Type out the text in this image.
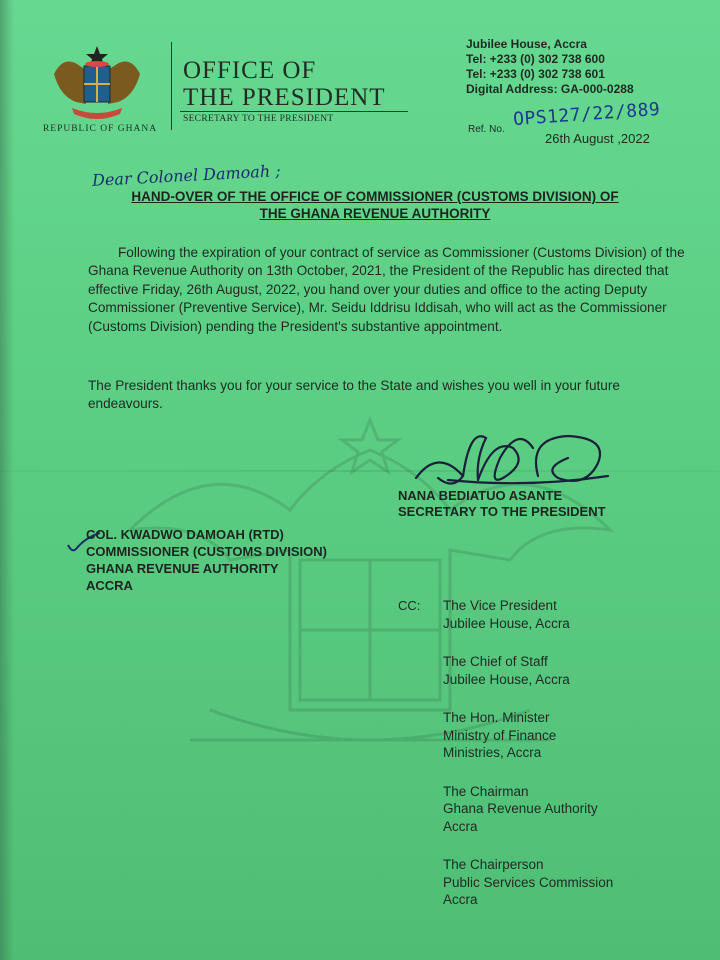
REPUBLIC OF GHANA
OFFICE OF
THE PRESIDENT
SECRETARY TO THE PRESIDENT
Jubilee House, Accra
Tel: +233 (0) 302 738 600
Tel: +233 (0) 302 738 601
Digital Address: GA-000-0288
Ref. No. OPS127/22/889
26th August ,2022
Dear Colonel Damoah ;
HAND-OVER OF THE OFFICE OF COMMISSIONER (CUSTOMS DIVISION) OF
THE GHANA REVENUE AUTHORITY
Following the expiration of your contract of service as Commissioner (Customs Division) of the Ghana Revenue Authority on 13th October, 2021, the President of the Republic has directed that effective Friday, 26th August, 2022, you hand over your duties and office to the acting Deputy Commissioner (Preventive Service), Mr. Seidu Iddrisu Iddisah, who will act as the Commissioner (Customs Division) pending the President's substantive appointment.
The President thanks you for your service to the State and wishes you well in your future endeavours.
NANA BEDIATUO ASANTE
SECRETARY TO THE PRESIDENT
COL. KWADWO DAMOAH (RTD)
COMMISSIONER (CUSTOMS DIVISION)
GHANA REVENUE AUTHORITY
ACCRA
CC: The Vice President
Jubilee House, Accra
The Chief of Staff
Jubilee House, Accra
The Hon. Minister
Ministry of Finance
Ministries, Accra
The Chairman
Ghana Revenue Authority
Accra
The Chairperson
Public Services Commission
Accra
